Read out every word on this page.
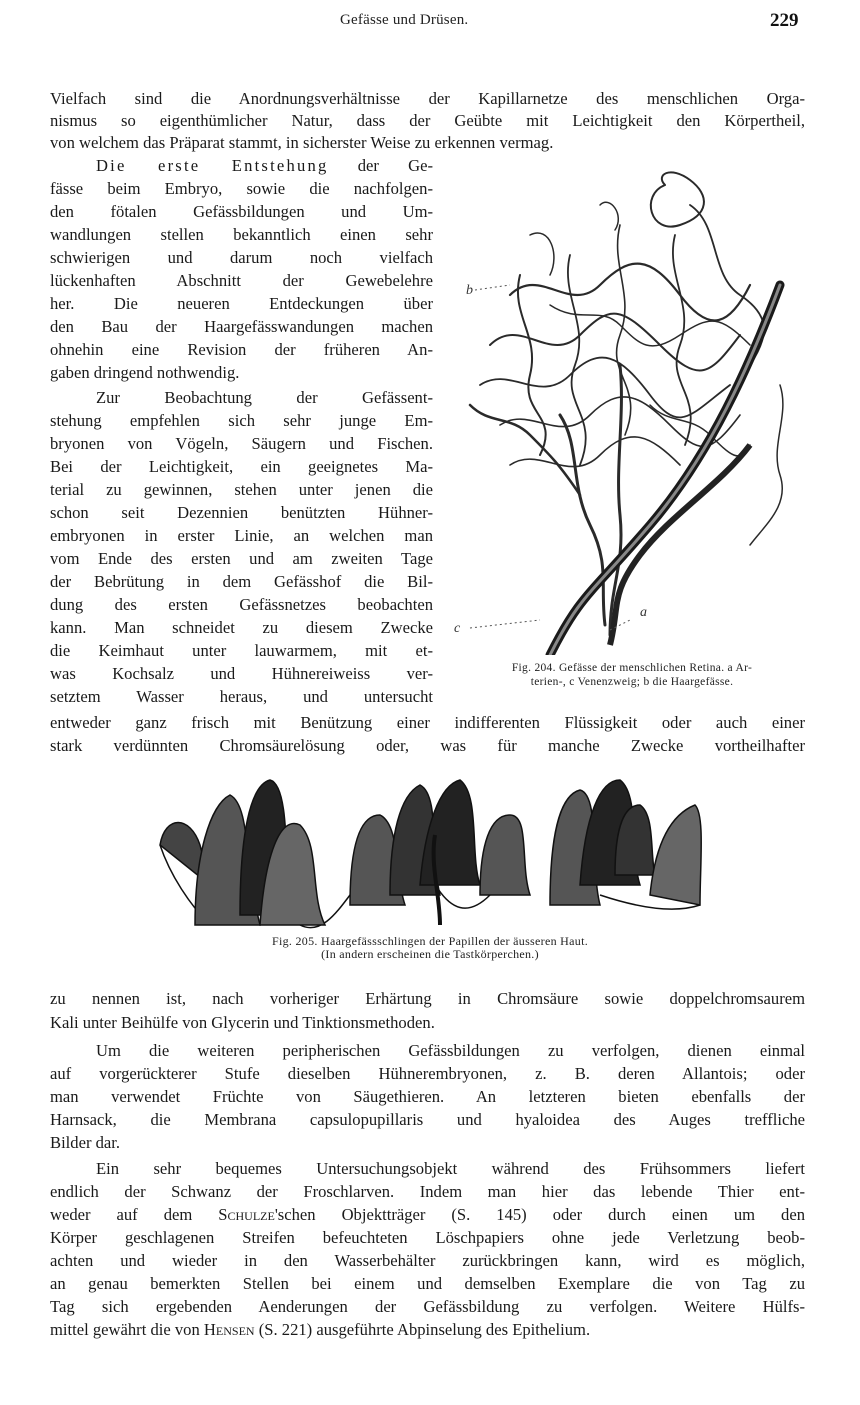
Gefässe und Drüsen.	229
Vielfach sind die Anordnungsverhältnisse der Kapillarnetze des menschlichen Orga-
nismus so eigenthümlicher Natur, dass der Geübte mit Leichtigkeit den Körpertheil,
von welchem das Präparat stammt, in sicherster Weise zu erkennen vermag.
Die erste Entstehung der Ge-
fässe beim Embryo, sowie die nachfolgen-
den fötalen Gefässbildungen und Um-
wandlungen stellen bekanntlich einen sehr
schwierigen und darum noch vielfach
lückenhaften Abschnitt der Gewebelehre
her. Die neueren Entdeckungen über
den Bau der Haargefässwandungen machen
ohnehin eine Revision der früheren An-
gaben dringend nothwendig.
Zur Beobachtung der Gefässent-
stehung empfehlen sich sehr junge Em-
bryonen von Vögeln, Säugern und Fischen.
Bei der Leichtigkeit, ein geeignetes Ma-
terial zu gewinnen, stehen unter jenen die
schon seit Dezennien benützten Hühner-
embryonen in erster Linie, an welchen man
vom Ende des ersten und am zweiten Tage
der Bebrütung in dem Gefässhof die Bil-
dung des ersten Gefässnetzes beobachten
kann. Man schneidet zu diesem Zwecke
die Keimhaut unter lauwarmem, mit et-
was Kochsalz und Hühnereiweiss ver-
setztem Wasser heraus, und untersucht
b
c
a
Fig. 204. Gefässe der menschlichen Retina. a Ar-
terien-, c Venenzweig; b die Haargefässe.
entweder ganz frisch mit Benützung einer indifferenten Flüssigkeit oder auch einer
stark verdünnten Chromsäurelösung oder, was für manche Zwecke vortheilhafter
Fig. 205. Haargefässschlingen der Papillen der äusseren Haut.
(In andern erscheinen die Tastkörperchen.)
zu nennen ist, nach vorheriger Erhärtung in Chromsäure sowie doppelchromsaurem
Kali unter Beihülfe von Glycerin und Tinktionsmethoden.
Um die weiteren peripherischen Gefässbildungen zu verfolgen, dienen einmal
auf vorgerückterer Stufe dieselben Hühnerembryonen, z. B. deren Allantois; oder
man verwendet Früchte von Säugethieren. An letzteren bieten ebenfalls der
Harnsack, die Membrana capsulopupillaris und hyaloidea des Auges treffliche
Bilder dar.
Ein sehr bequemes Untersuchungsobjekt während des Frühsommers liefert
endlich der Schwanz der Froschlarven. Indem man hier das lebende Thier ent-
weder auf dem Schulze'schen Objektträger (S. 145) oder durch einen um den
Körper geschlagenen Streifen befeuchteten Löschpapiers ohne jede Verletzung beob-
achten und wieder in den Wasserbehälter zurückbringen kann, wird es möglich,
an genau bemerkten Stellen bei einem und demselben Exemplare die von Tag zu
Tag sich ergebenden Aenderungen der Gefässbildung zu verfolgen. Weitere Hülfs-
mittel gewährt die von Hensen (S. 221) ausgeführte Abpinselung des Epithelium.
